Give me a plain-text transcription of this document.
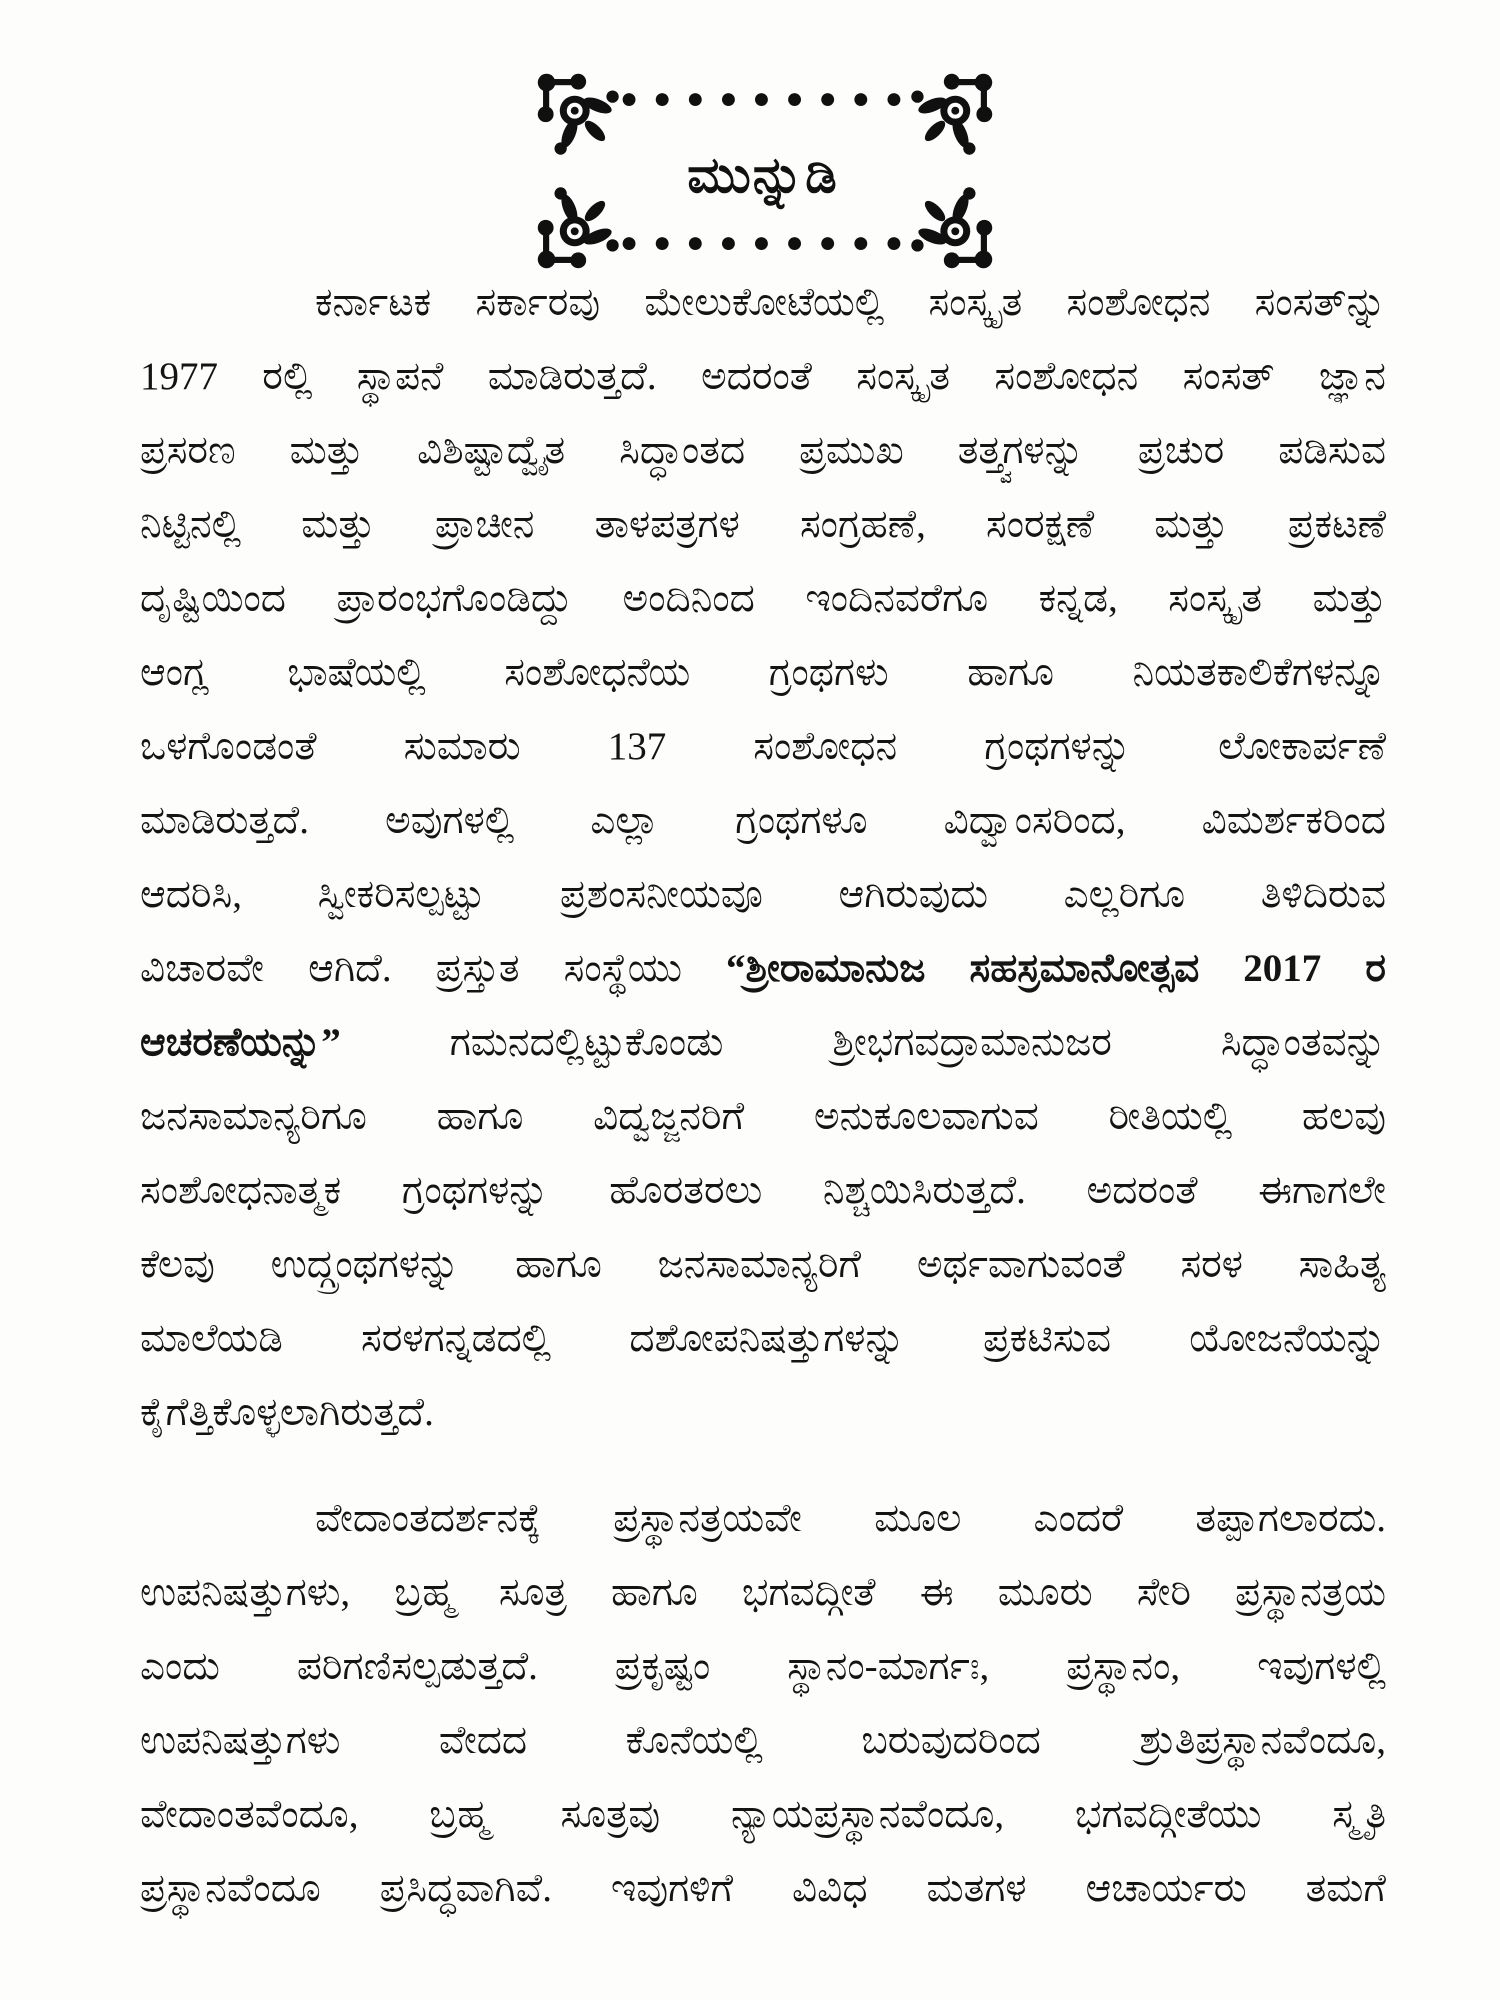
●●●●●●●●●
ಮುನ್ನುಡಿ
●●●●●●●●●
ಕರ್ನಾಟಕ ಸರ್ಕಾರವು ಮೇಲುಕೋಟೆಯಲ್ಲಿ ಸಂಸ್ಕೃತ ಸಂಶೋಧನ ಸಂಸತ್‌ನ್ನು
1977 ರಲ್ಲಿ ಸ್ಥಾಪನೆ ಮಾಡಿರುತ್ತದೆ. ಅದರಂತೆ ಸಂಸ್ಕೃತ ಸಂಶೋಧನ ಸಂಸತ್ ಜ್ಞಾನ
ಪ್ರಸರಣ ಮತ್ತು ವಿಶಿಷ್ಟಾದ್ವೈತ ಸಿದ್ಧಾಂತದ ಪ್ರಮುಖ ತತ್ತ್ವಗಳನ್ನು ಪ್ರಚುರ ಪಡಿಸುವ
ನಿಟ್ಟಿನಲ್ಲಿ ಮತ್ತು ಪ್ರಾಚೀನ ತಾಳಪತ್ರಗಳ ಸಂಗ್ರಹಣೆ, ಸಂರಕ್ಷಣೆ ಮತ್ತು ಪ್ರಕಟಣೆ
ದೃಷ್ಟಿಯಿಂದ ಪ್ರಾರಂಭಗೊಂಡಿದ್ದು ಅಂದಿನಿಂದ ಇಂದಿನವರೆಗೂ ಕನ್ನಡ, ಸಂಸ್ಕೃತ ಮತ್ತು
ಆಂಗ್ಲ ಭಾಷೆಯಲ್ಲಿ ಸಂಶೋಧನೆಯ ಗ್ರಂಥಗಳು ಹಾಗೂ ನಿಯತಕಾಲಿಕೆಗಳನ್ನೂ
ಒಳಗೊಂಡಂತೆ ಸುಮಾರು 137 ಸಂಶೋಧನ ಗ್ರಂಥಗಳನ್ನು ಲೋಕಾರ್ಪಣೆ
ಮಾಡಿರುತ್ತದೆ. ಅವುಗಳಲ್ಲಿ ಎಲ್ಲಾ ಗ್ರಂಥಗಳೂ ವಿದ್ವಾಂಸರಿಂದ, ವಿಮರ್ಶಕರಿಂದ
ಆದರಿಸಿ, ಸ್ವೀಕರಿಸಲ್ಪಟ್ಟು ಪ್ರಶಂಸನೀಯವೂ ಆಗಿರುವುದು ಎಲ್ಲರಿಗೂ ತಿಳಿದಿರುವ
ವಿಚಾರವೇ ಆಗಿದೆ. ಪ್ರಸ್ತುತ ಸಂಸ್ಥೆಯು “ಶ್ರೀರಾಮಾನುಜ ಸಹಸ್ರಮಾನೋತ್ಸವ 2017 ರ
ಆಚರಣೆಯನ್ನು” ಗಮನದಲ್ಲಿಟ್ಟುಕೊಂಡು ಶ್ರೀಭಗವದ್ರಾಮಾನುಜರ ಸಿದ್ಧಾಂತವನ್ನು
ಜನಸಾಮಾನ್ಯರಿಗೂ ಹಾಗೂ ವಿದ್ವಜ್ಜನರಿಗೆ ಅನುಕೂಲವಾಗುವ ರೀತಿಯಲ್ಲಿ ಹಲವು
ಸಂಶೋಧನಾತ್ಮಕ ಗ್ರಂಥಗಳನ್ನು ಹೊರತರಲು ನಿಶ್ಚಯಿಸಿರುತ್ತದೆ. ಅದರಂತೆ ಈಗಾಗಲೇ
ಕೆಲವು ಉದ್ಗ್ರಂಥಗಳನ್ನು ಹಾಗೂ ಜನಸಾಮಾನ್ಯರಿಗೆ ಅರ್ಥವಾಗುವಂತೆ ಸರಳ ಸಾಹಿತ್ಯ
ಮಾಲೆಯಡಿ ಸರಳಗನ್ನಡದಲ್ಲಿ ದಶೋಪನಿಷತ್ತುಗಳನ್ನು ಪ್ರಕಟಿಸುವ ಯೋಜನೆಯನ್ನು
ಕೈಗೆತ್ತಿಕೊಳ್ಳಲಾಗಿರುತ್ತದೆ.
ವೇದಾಂತದರ್ಶನಕ್ಕೆ ಪ್ರಸ್ಥಾನತ್ರಯವೇ ಮೂಲ ಎಂದರೆ ತಪ್ಪಾಗಲಾರದು.
ಉಪನಿಷತ್ತುಗಳು, ಬ್ರಹ್ಮ ಸೂತ್ರ ಹಾಗೂ ಭಗವದ್ಗೀತೆ ಈ ಮೂರು ಸೇರಿ ಪ್ರಸ್ಥಾನತ್ರಯ
ಎಂದು ಪರಿಗಣಿಸಲ್ಪಡುತ್ತದೆ. ಪ್ರಕೃಷ್ಟಂ ಸ್ಥಾನಂ-ಮಾರ್ಗಃ, ಪ್ರಸ್ಥಾನಂ, ಇವುಗಳಲ್ಲಿ
ಉಪನಿಷತ್ತುಗಳು ವೇದದ ಕೊನೆಯಲ್ಲಿ ಬರುವುದರಿಂದ ಶ್ರುತಿಪ್ರಸ್ಥಾನವೆಂದೂ,
ವೇದಾಂತವೆಂದೂ, ಬ್ರಹ್ಮ ಸೂತ್ರವು ನ್ಯಾಯಪ್ರಸ್ಥಾನವೆಂದೂ, ಭಗವದ್ಗೀತೆಯು ಸ್ಮೃತಿ
ಪ್ರಸ್ಥಾನವೆಂದೂ ಪ್ರಸಿದ್ಧವಾಗಿವೆ. ಇವುಗಳಿಗೆ ವಿವಿಧ ಮತಗಳ ಆಚಾರ್ಯರು ತಮಗೆ
